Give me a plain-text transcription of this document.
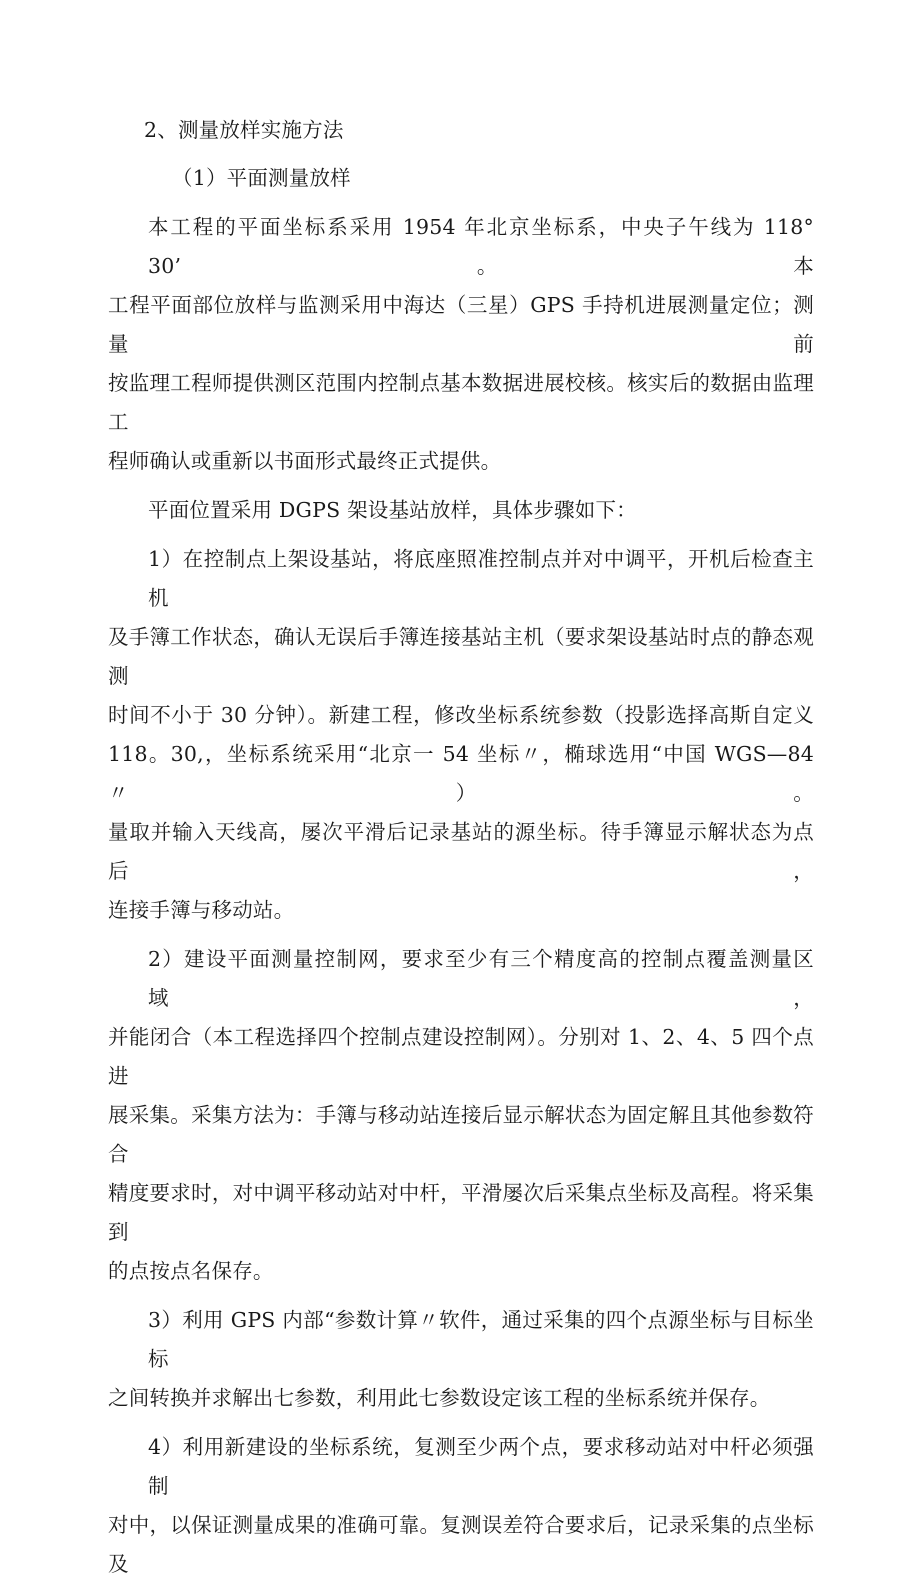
2、测量放样实施方法

（1）平面测量放样

本工程的平面坐标系采用 1954 年北京坐标系，中央子午线为 118° 30’。本

工程平面部位放样与监测采用中海达（三星）GPS 手持机进展测量定位；测量前

按监理工程师提供测区范围内控制点基本数据进展校核。核实后的数据由监理工

程师确认或重新以书面形式最终正式提供。

平面位置采用 DGPS 架设基站放样，具体步骤如下：

1）在控制点上架设基站，将底座照准控制点并对中调平，开机后检查主机

及手簿工作状态，确认无误后手簿连接基站主机（要求架设基站时点的静态观测

时间不小于 30 分钟）。新建工程，修改坐标系统参数（投影选择高斯自定义

118。30,，坐标系统采用“北京一 54 坐标〃，椭球选用“中国 WGS—84〃）。

量取并输入天线高，屡次平滑后记录基站的源坐标。待手簿显示解状态为点后，

连接手簿与移动站。

2）建设平面测量控制网，要求至少有三个精度高的控制点覆盖测量区域，

并能闭合（本工程选择四个控制点建设控制网）。分别对 1、2、4、5 四个点进

展采集。采集方法为：手簿与移动站连接后显示解状态为固定解且其他参数符合

精度要求时，对中调平移动站对中杆，平滑屡次后采集点坐标及高程。将采集到

的点按点名保存。

3）利用 GPS 内部“参数计算〃软件，通过采集的四个点源坐标与目标坐标

之间转换并求解出七参数，利用此七参数设定该工程的坐标系统并保存。

4）利用新建设的坐标系统，复测至少两个点，要求移动站对中杆必须强制

对中，以保证测量成果的准确可靠。复测误差符合要求后，记录采集的点坐标及
